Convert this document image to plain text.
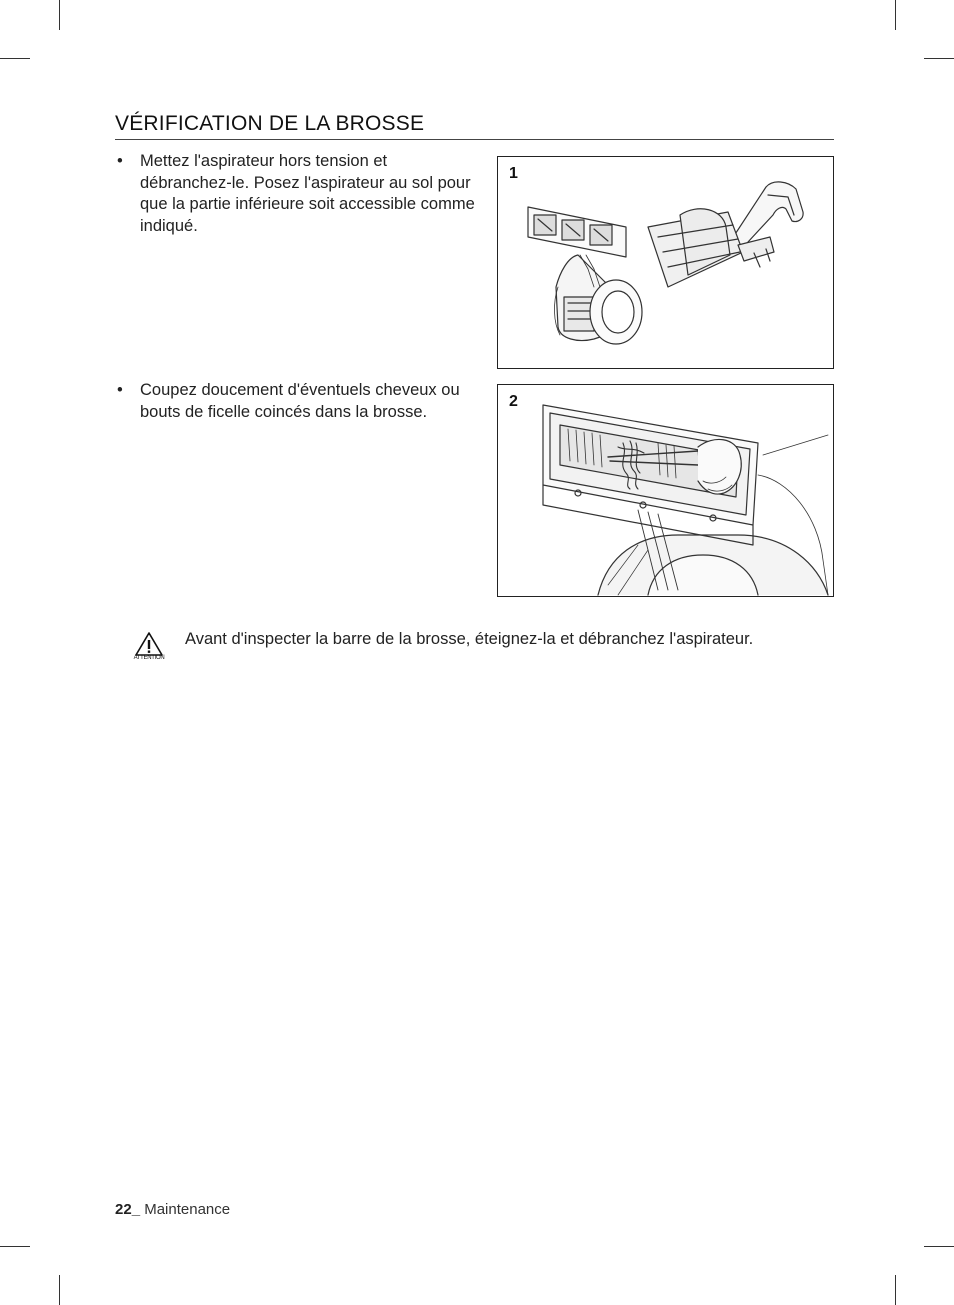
VÉRIFICATION DE LA BROSSE
• Mettez l'aspirateur hors tension et débranchez-le. Posez l'aspirateur au sol pour que la partie inférieure soit accessible comme indiqué.
1
• Coupez doucement d'éventuels cheveux ou bouts de ficelle coincés dans la brosse.
2
ATTENTION
Avant d'inspecter la barre de la brosse, éteignez-la et débranchez l'aspirateur.
22_ Maintenance
